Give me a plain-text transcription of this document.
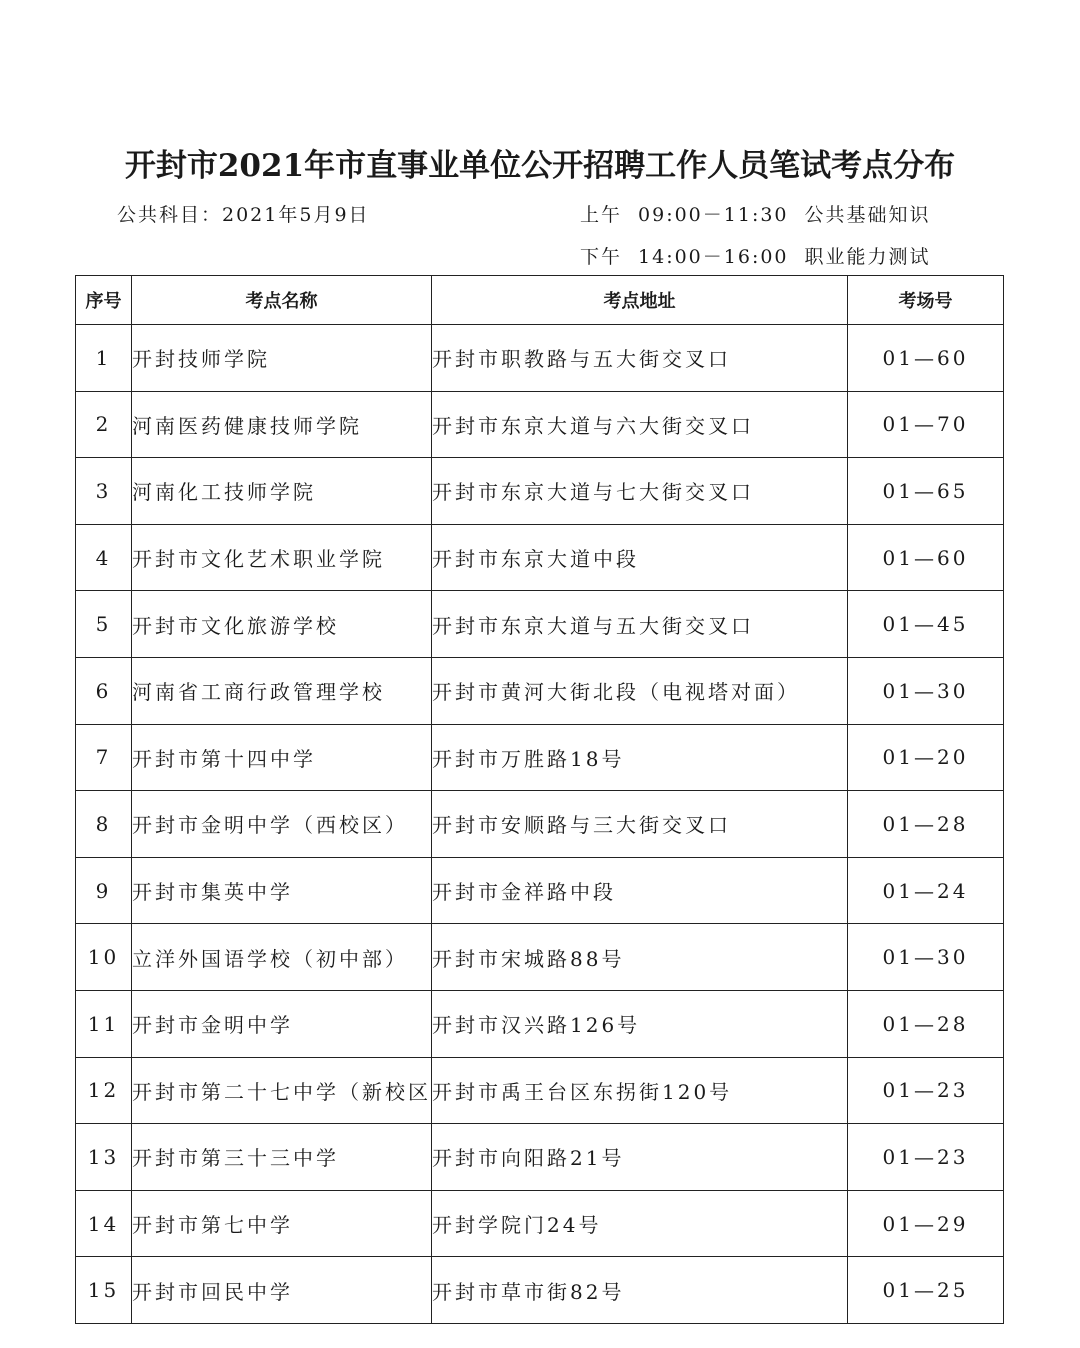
开封市2021年市直事业单位公开招聘工作人员笔试考点分布
公共科目：2021年5月9日	上午 09:00－11:30 公共基础知识
下午 14:00－16:00 职业能力测试
序号	考点名称	考点地址	考场号
1	开封技师学院	开封市职教路与五大街交叉口	01—60
2	河南医药健康技师学院	开封市东京大道与六大街交叉口	01—70
3	河南化工技师学院	开封市东京大道与七大街交叉口	01—65
4	开封市文化艺术职业学院	开封市东京大道中段	01—60
5	开封市文化旅游学校	开封市东京大道与五大街交叉口	01—45
6	河南省工商行政管理学校	开封市黄河大街北段（电视塔对面）	01—30
7	开封市第十四中学	开封市万胜路18号	01—20
8	开封市金明中学（西校区）	开封市安顺路与三大街交叉口	01—28
9	开封市集英中学	开封市金祥路中段	01—24
10	立洋外国语学校（初中部）	开封市宋城路88号	01—30
11	开封市金明中学	开封市汉兴路126号	01—28
12	开封市第二十七中学（新校区	开封市禹王台区东拐街120号	01—23
13	开封市第三十三中学	开封市向阳路21号	01—23
14	开封市第七中学	开封学院门24号	01—29
15	开封市回民中学	开封市草市街82号	01—25
